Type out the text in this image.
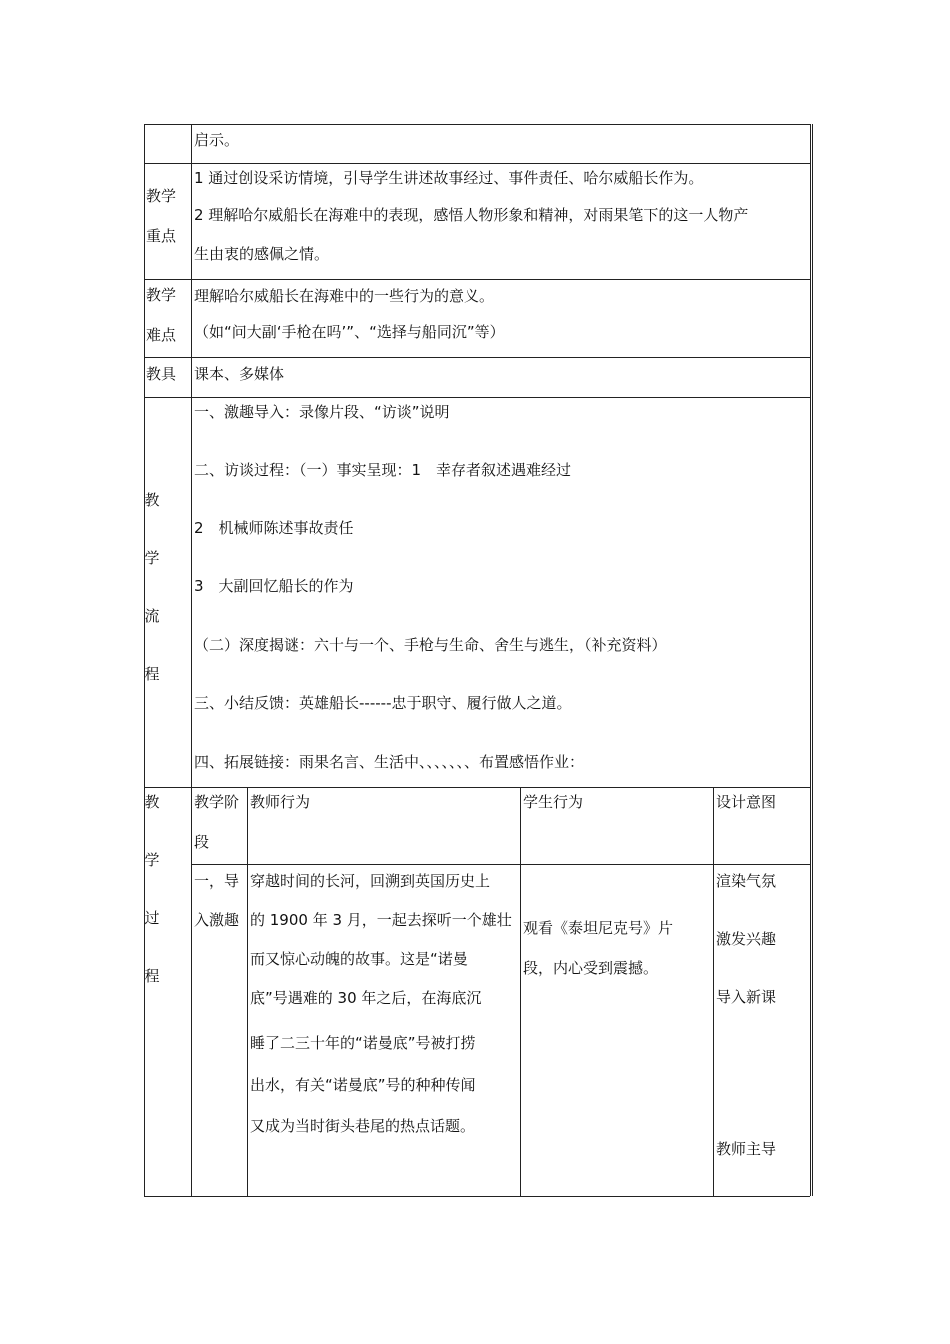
启示。
教学
重点
1 通过创设采访情境，引导学生讲述故事经过、事件责任、哈尔威船长作为。
2 理解哈尔威船长在海难中的表现，感悟人物形象和精神，对雨果笔下的这一人物产
生由衷的感佩之情。
教学
难点
理解哈尔威船长在海难中的一些行为的意义。
（如“问大副‘手枪在吗’”、“选择与船同沉”等）
教具 课本、多媒体
教
学
流
程
一、激趣导入：录像片段、“访谈”说明
二、访谈过程：（一）事实呈现：1　幸存者叙述遇难经过
2　机械师陈述事故责任
3　大副回忆船长的作为
（二）深度揭谜：六十与一个、手枪与生命、舍生与逃生，（补充资料）
三、小结反馈：英雄船长------忠于职守、履行做人之道。
四、拓展链接：雨果名言、生活中、、、、、、、布置感悟作业：
教
学
过
程
教学阶
段
教师行为	学生行为	设计意图
一，导
入激趣
穿越时间的长河，回溯到英国历史上
的 1900 年 3 月，一起去探听一个雄壮
而又惊心动魄的故事。这是“诺曼
底”号遇难的 30 年之后，在海底沉
睡了二三十年的“诺曼底”号被打捞
出水，有关“诺曼底”号的种种传闻
又成为当时街头巷尾的热点话题。
观看《泰坦尼克号》片
段，内心受到震撼。
渲染气氛
激发兴趣
导入新课
教师主导
